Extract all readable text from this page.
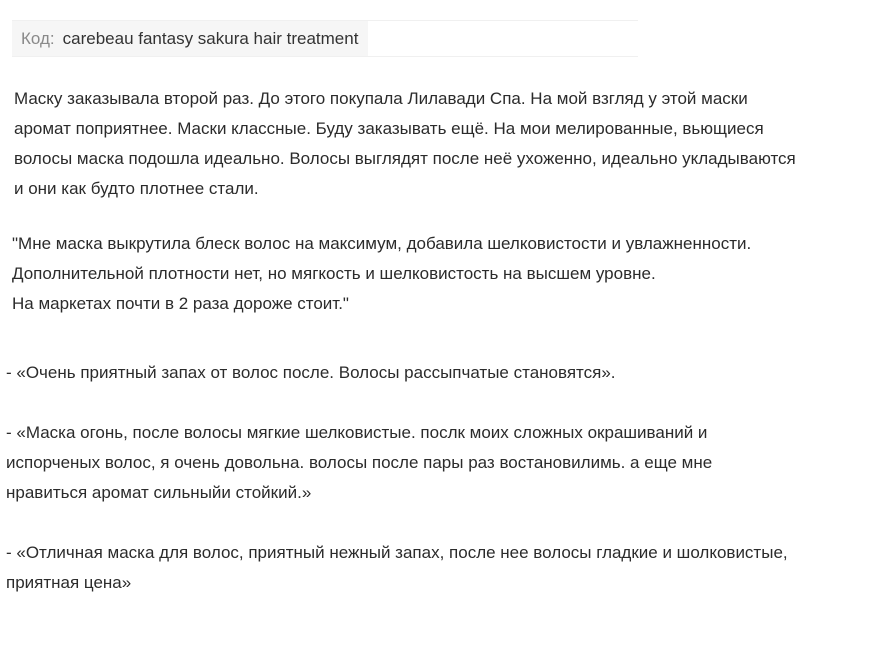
Код: carebeau fantasy sakura hair treatment

Маску заказывала второй раз. До этого покупала Лилавади Спа. На мой взгляд у этой маски
аромат поприятнее. Маски классные. Буду заказывать ещё. На мои мелированные, вьющиеся
волосы маска подошла идеально. Волосы выглядят после неё ухоженно, идеально укладываются
и они как будто плотнее стали.

"Мне маска выкрутила блеск волос на максимум, добавила шелковистости и увлажненности.
Дополнительной плотности нет, но мягкость и шелковистость на высшем уровне.
На маркетах почти в 2 раза дороже стоит."

- «Очень приятный запах от волос после. Волосы рассыпчатые становятся».

- «Маска огонь, после волосы мягкие шелковистые. послк моих сложных окрашиваний и
испорченых волос, я очень довольна. волосы после пары раз востановилимь. а еще мне
нравиться аромат сильныйи стойкий.»

- «Отличная маска для волос, приятный нежный запах, после нее волосы гладкие и шолковистые,
приятная цена»
